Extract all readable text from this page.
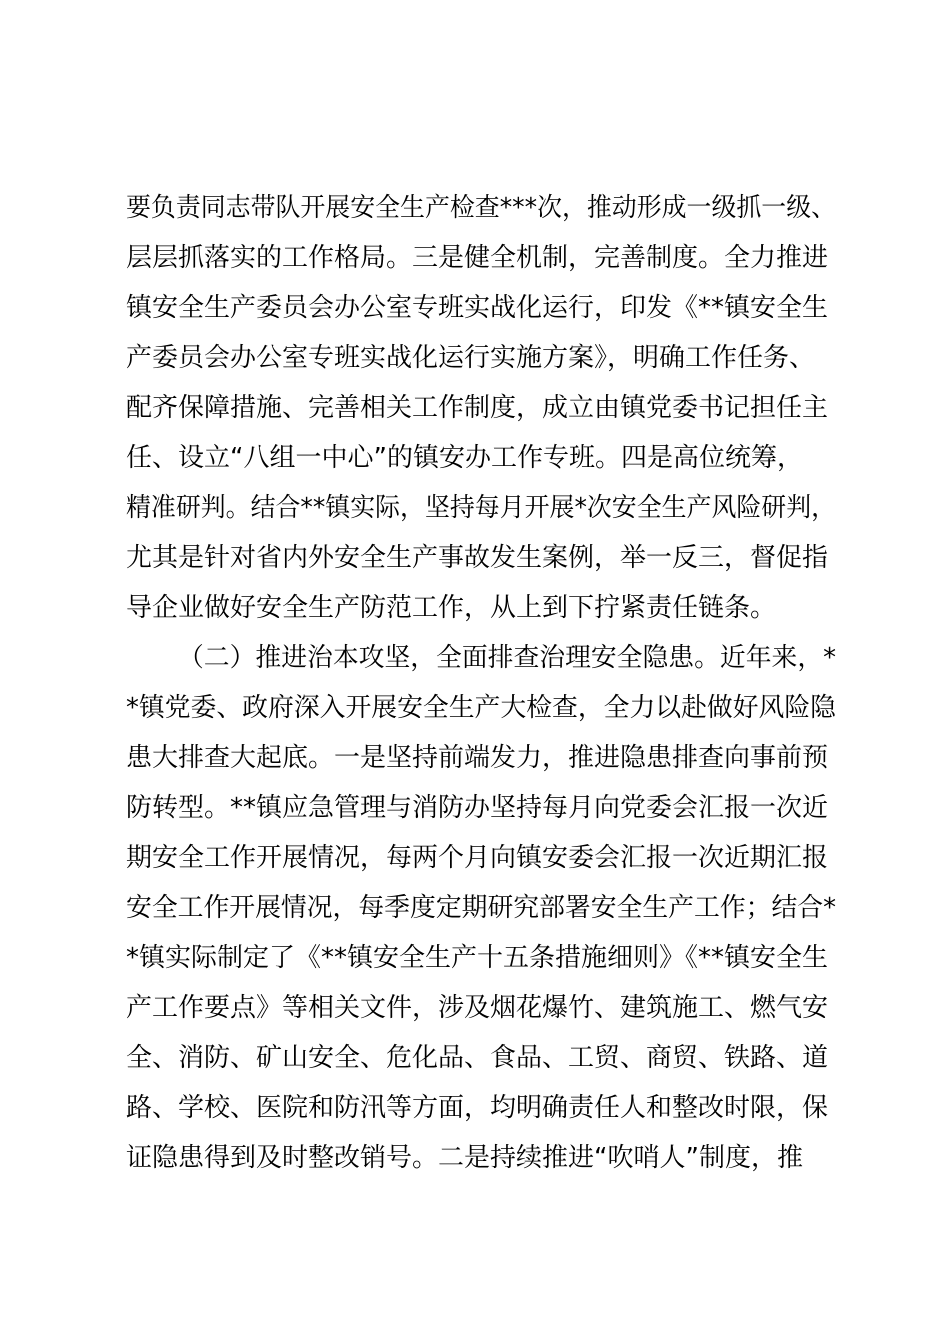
要负责同志带队开展安全生产检查***次，推动形成一级抓一级、
层层抓落实的工作格局。三是健全机制，完善制度。全力推进
镇安全生产委员会办公室专班实战化运行，印发《**镇安全生
产委员会办公室专班实战化运行实施方案》，明确工作任务、
配齐保障措施、完善相关工作制度，成立由镇党委书记担任主
任、设立“八组一中心”的镇安办工作专班。四是高位统筹，
精准研判。结合**镇实际，坚持每月开展*次安全生产风险研判，
尤其是针对省内外安全生产事故发生案例，举一反三，督促指
导企业做好安全生产防范工作，从上到下拧紧责任链条。
（二）推进治本攻坚，全面排查治理安全隐患。近年来，*
*镇党委、政府深入开展安全生产大检查，全力以赴做好风险隐
患大排查大起底。一是坚持前端发力，推进隐患排查向事前预
防转型。**镇应急管理与消防办坚持每月向党委会汇报一次近
期安全工作开展情况，每两个月向镇安委会汇报一次近期汇报
安全工作开展情况，每季度定期研究部署安全生产工作；结合*
*镇实际制定了《**镇安全生产十五条措施细则》《**镇安全生
产工作要点》等相关文件，涉及烟花爆竹、建筑施工、燃气安
全、消防、矿山安全、危化品、食品、工贸、商贸、铁路、道
路、学校、医院和防汛等方面，均明确责任人和整改时限，保
证隐患得到及时整改销号。二是持续推进“吹哨人”制度，推
